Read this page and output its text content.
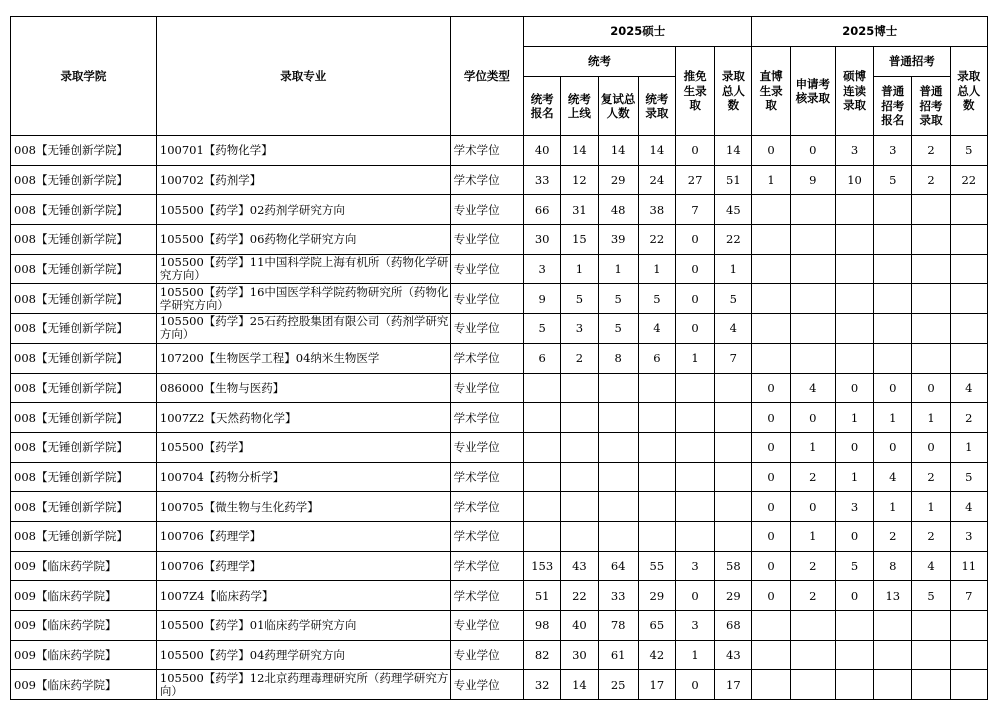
录取学院	录取专业	学位类型	2025硕士						2025博士					
			统考				推免生录取	录取总人数	直博生录取	申请考核录取	硕博连读录取	普通招考		录取总人数

			统考报名	统考上线	复试总人数	统考录取						普通招考报名	普通招考录取	

008【无锤创新学院】	100701【药物化学】	学术学位	40	14	14	14	0	14	0	0	3	3	2	5
008【无锤创新学院】	100702【药剂学】	学术学位	33	12	29	24	27	51	1	9	10	5	2	22
008【无锤创新学院】	105500【药学】02药剂学研究方向	专业学位	66	31	48	38	7	45						
008【无锤创新学院】	105500【药学】06药物化学研究方向	专业学位	30	15	39	22	0	22						
008【无锤创新学院】	105500【药学】11中国科学院上海有机所（药物化学研究方向）	专业学位	3	1	1	1	0	1						
008【无锤创新学院】	105500【药学】16中国医学科学院药物研究所（药物化学研究方向）	专业学位	9	5	5	5	0	5						
008【无锤创新学院】	105500【药学】25石药控股集团有限公司（药剂学研究方向）	专业学位	5	3	5	4	0	4						
008【无锤创新学院】	107200【生物医学工程】04纳米生物医学	学术学位	6	2	8	6	1	7						
008【无锤创新学院】	086000【生物与医药】	专业学位							0	4	0	0	0	4
008【无锤创新学院】	1007Z2【天然药物化学】	学术学位							0	0	1	1	1	2
008【无锤创新学院】	105500【药学】	专业学位							0	1	0	0	0	1
008【无锤创新学院】	100704【药物分析学】	学术学位							0	2	1	4	2	5
008【无锤创新学院】	100705【微生物与生化药学】	学术学位							0	0	3	1	1	4
008【无锤创新学院】	100706【药理学】	学术学位							0	1	0	2	2	3
009【临床药学院】	100706【药理学】	学术学位	153	43	64	55	3	58	0	2	5	8	4	11
009【临床药学院】	1007Z4【临床药学】	学术学位	51	22	33	29	0	29	0	2	0	13	5	7
009【临床药学院】	105500【药学】01临床药学研究方向	专业学位	98	40	78	65	3	68						
009【临床药学院】	105500【药学】04药理学研究方向	专业学位	82	30	61	42	1	43						
009【临床药学院】	105500【药学】12北京药理毒理研究所（药理学研究方向）	专业学位	32	14	25	17	0	17						
